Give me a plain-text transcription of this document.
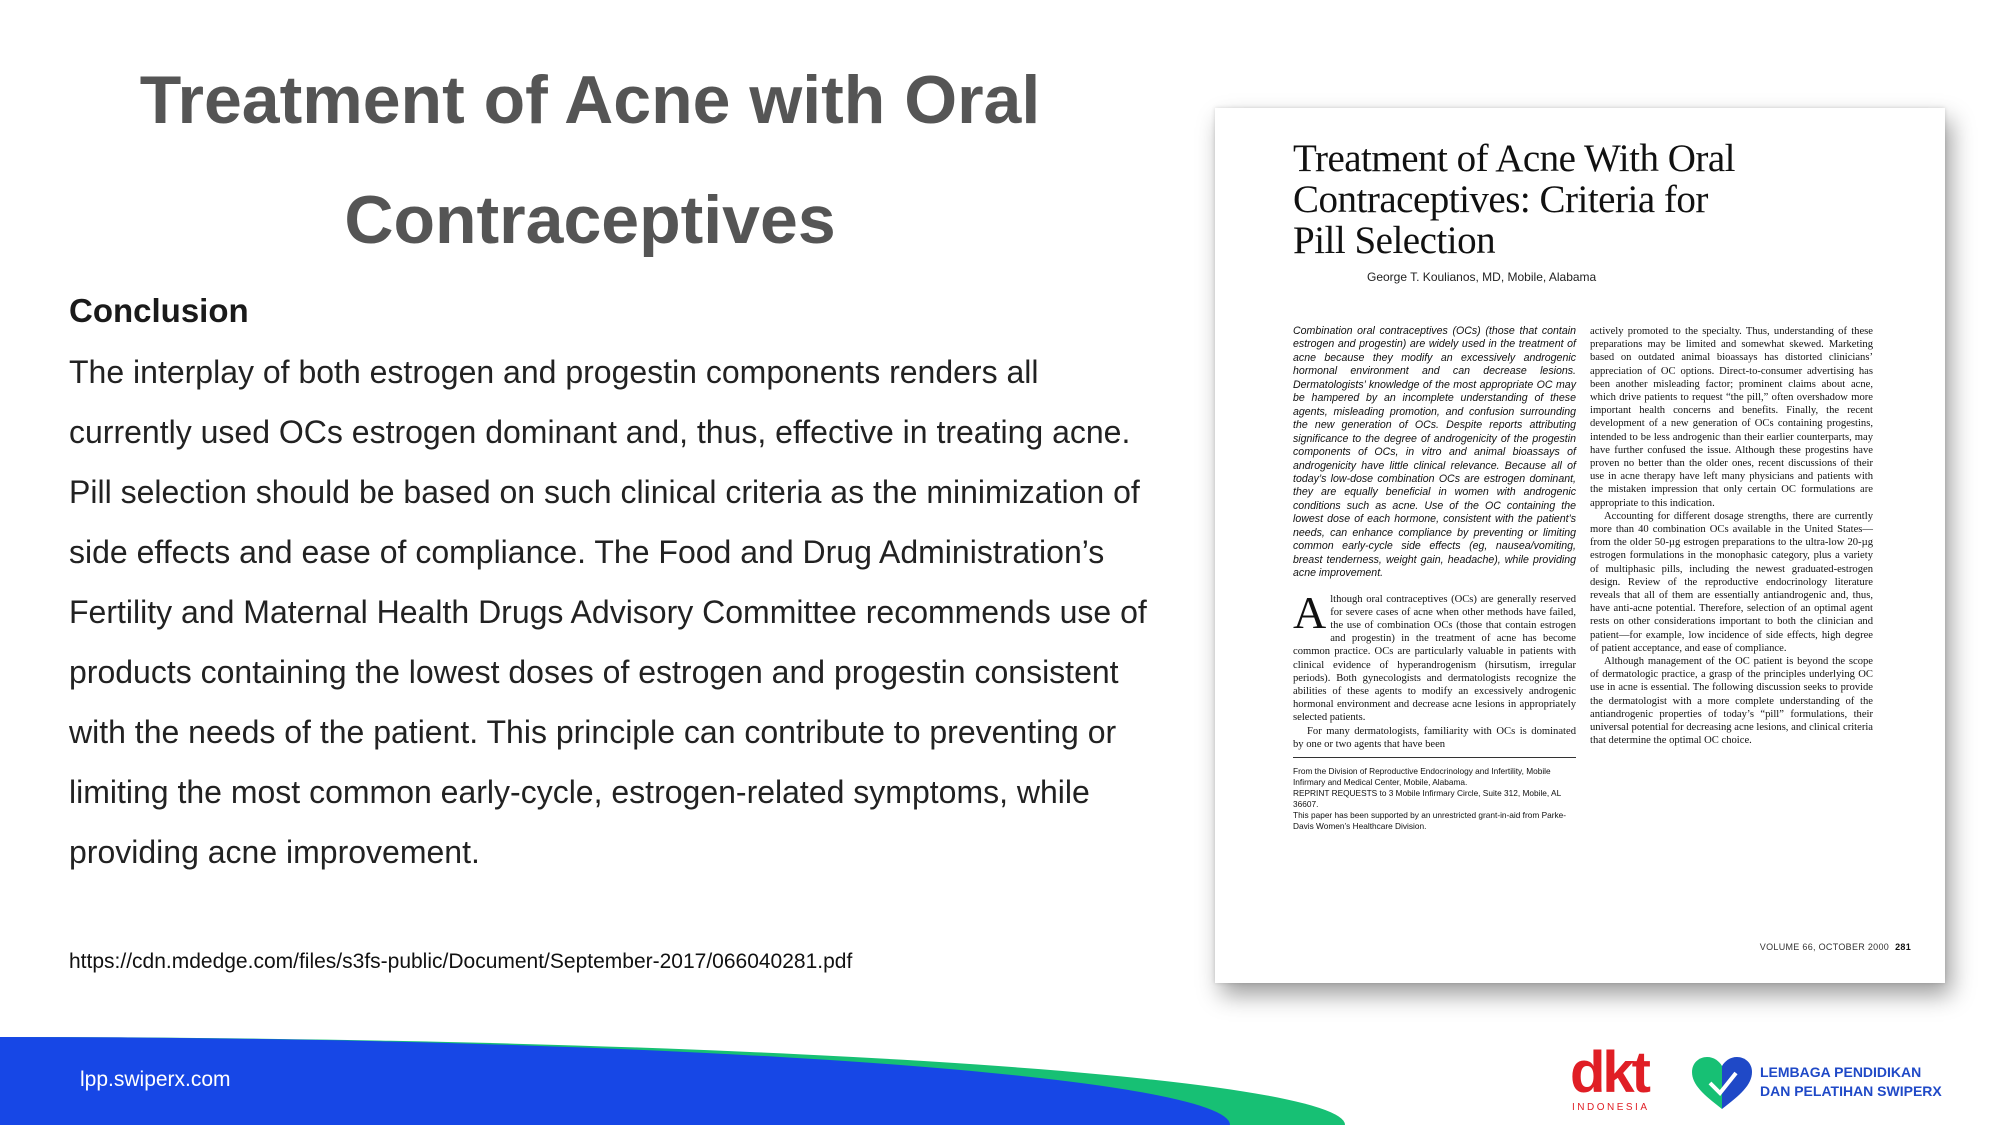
Treatment of Acne with Oral
Contraceptives
Conclusion

The interplay of both estrogen and progestin components renders all currently used OCs estrogen dominant and, thus, effective in treating acne. Pill selection should be based on such clinical criteria as the minimization of side effects and ease of compliance. The Food and Drug Administration’s Fertility and Maternal Health Drugs Advisory Committee recommends use of products containing the lowest doses of estrogen and progestin consistent with the needs of the patient. This principle can contribute to preventing or limiting the most common early-cycle, estrogen-related symptoms, while providing acne improvement.

https://cdn.mdedge.com/files/s3fs-public/Document/September-2017/066040281.pdf
Treatment of Acne With Oral
Contraceptives: Criteria for
Pill Selection
George T. Koulianos, MD, Mobile, Alabama

Combination oral contraceptives (OCs) (those that contain estrogen and progestin) are widely used in the treatment of acne because they modify an excessively androgenic hormonal environment and can decrease lesions. Dermatologists’ knowledge of the most appropriate OC may be hampered by an incomplete understanding of these agents, misleading promotion, and confusion surrounding the new generation of OCs. Despite reports attributing significance to the degree of androgenicity of the progestin components of OCs, in vitro and animal bioassays of androgenicity have little clinical relevance. Because all of today’s low-dose combination OCs are estrogen dominant, they are equally beneficial in women with androgenic conditions such as acne. Use of the OC containing the lowest dose of each hormone, consistent with the patient’s needs, can enhance compliance by preventing or limiting common early-cycle side effects (eg, nausea/vomiting, breast tenderness, weight gain, headache), while providing acne improvement.

Although oral contraceptives (OCs) are generally reserved for severe cases of acne when other methods have failed, the use of combination OCs (those that contain estrogen and progestin) in the treatment of acne has become common practice. OCs are particularly valuable in patients with clinical evidence of hyperandrogenism (hirsutism, irregular periods). Both gynecologists and dermatologists recognize the abilities of these agents to modify an excessively androgenic hormonal environment and decrease acne lesions in appropriately selected patients.

For many dermatologists, familiarity with OCs is dominated by one or two agents that have been

From the Division of Reproductive Endocrinology and Infertility, Mobile Infirmary and Medical Center, Mobile, Alabama.

REPRINT REQUESTS to 3 Mobile Infirmary Circle, Suite 312, Mobile, AL 36607.

This paper has been supported by an unrestricted grant-in-aid from Parke-Davis Women’s Healthcare Division.

actively promoted to the specialty. Thus, understanding of these preparations may be limited and somewhat skewed. Marketing based on outdated animal bioassays has distorted clinicians’ appreciation of OC options. Direct-to-consumer advertising has been another misleading factor; prominent claims about acne, which drive patients to request “the pill,” often overshadow more important health concerns and benefits. Finally, the recent development of a new generation of OCs containing progestins, intended to be less androgenic than their earlier counterparts, may have further confused the issue. Although these progestins have proven no better than the older ones, recent discussions of their use in acne therapy have left many physicians and patients with the mistaken impression that only certain OC formulations are appropriate to this indication.

Accounting for different dosage strengths, there are currently more than 40 combination OCs available in the United States—from the older 50-µg estrogen preparations to the ultra-low 20-µg estrogen formulations in the monophasic category, plus a variety of multiphasic pills, including the newest graduated-estrogen design. Review of the reproductive endocrinology literature reveals that all of them are essentially antiandrogenic and, thus, have anti-acne potential. Therefore, selection of an optimal agent rests on other considerations important to both the clinician and patient—for example, low incidence of side effects, high degree of patient acceptance, and ease of compliance.

Although management of the OC patient is beyond the scope of dermatologic practice, a grasp of the principles underlying OC use in acne is essential. The following discussion seeks to provide the dermatologist with a more complete understanding of the antiandrogenic properties of today’s “pill” formulations, their universal potential for decreasing acne lesions, and clinical criteria that determine the optimal OC choice.

VOLUME 66, OCTOBER 2000 281
lpp.swiperx.com	dkt
INDONESIA
LEMBAGA PENDIDIKAN
DAN PELATIHAN SWIPERX
